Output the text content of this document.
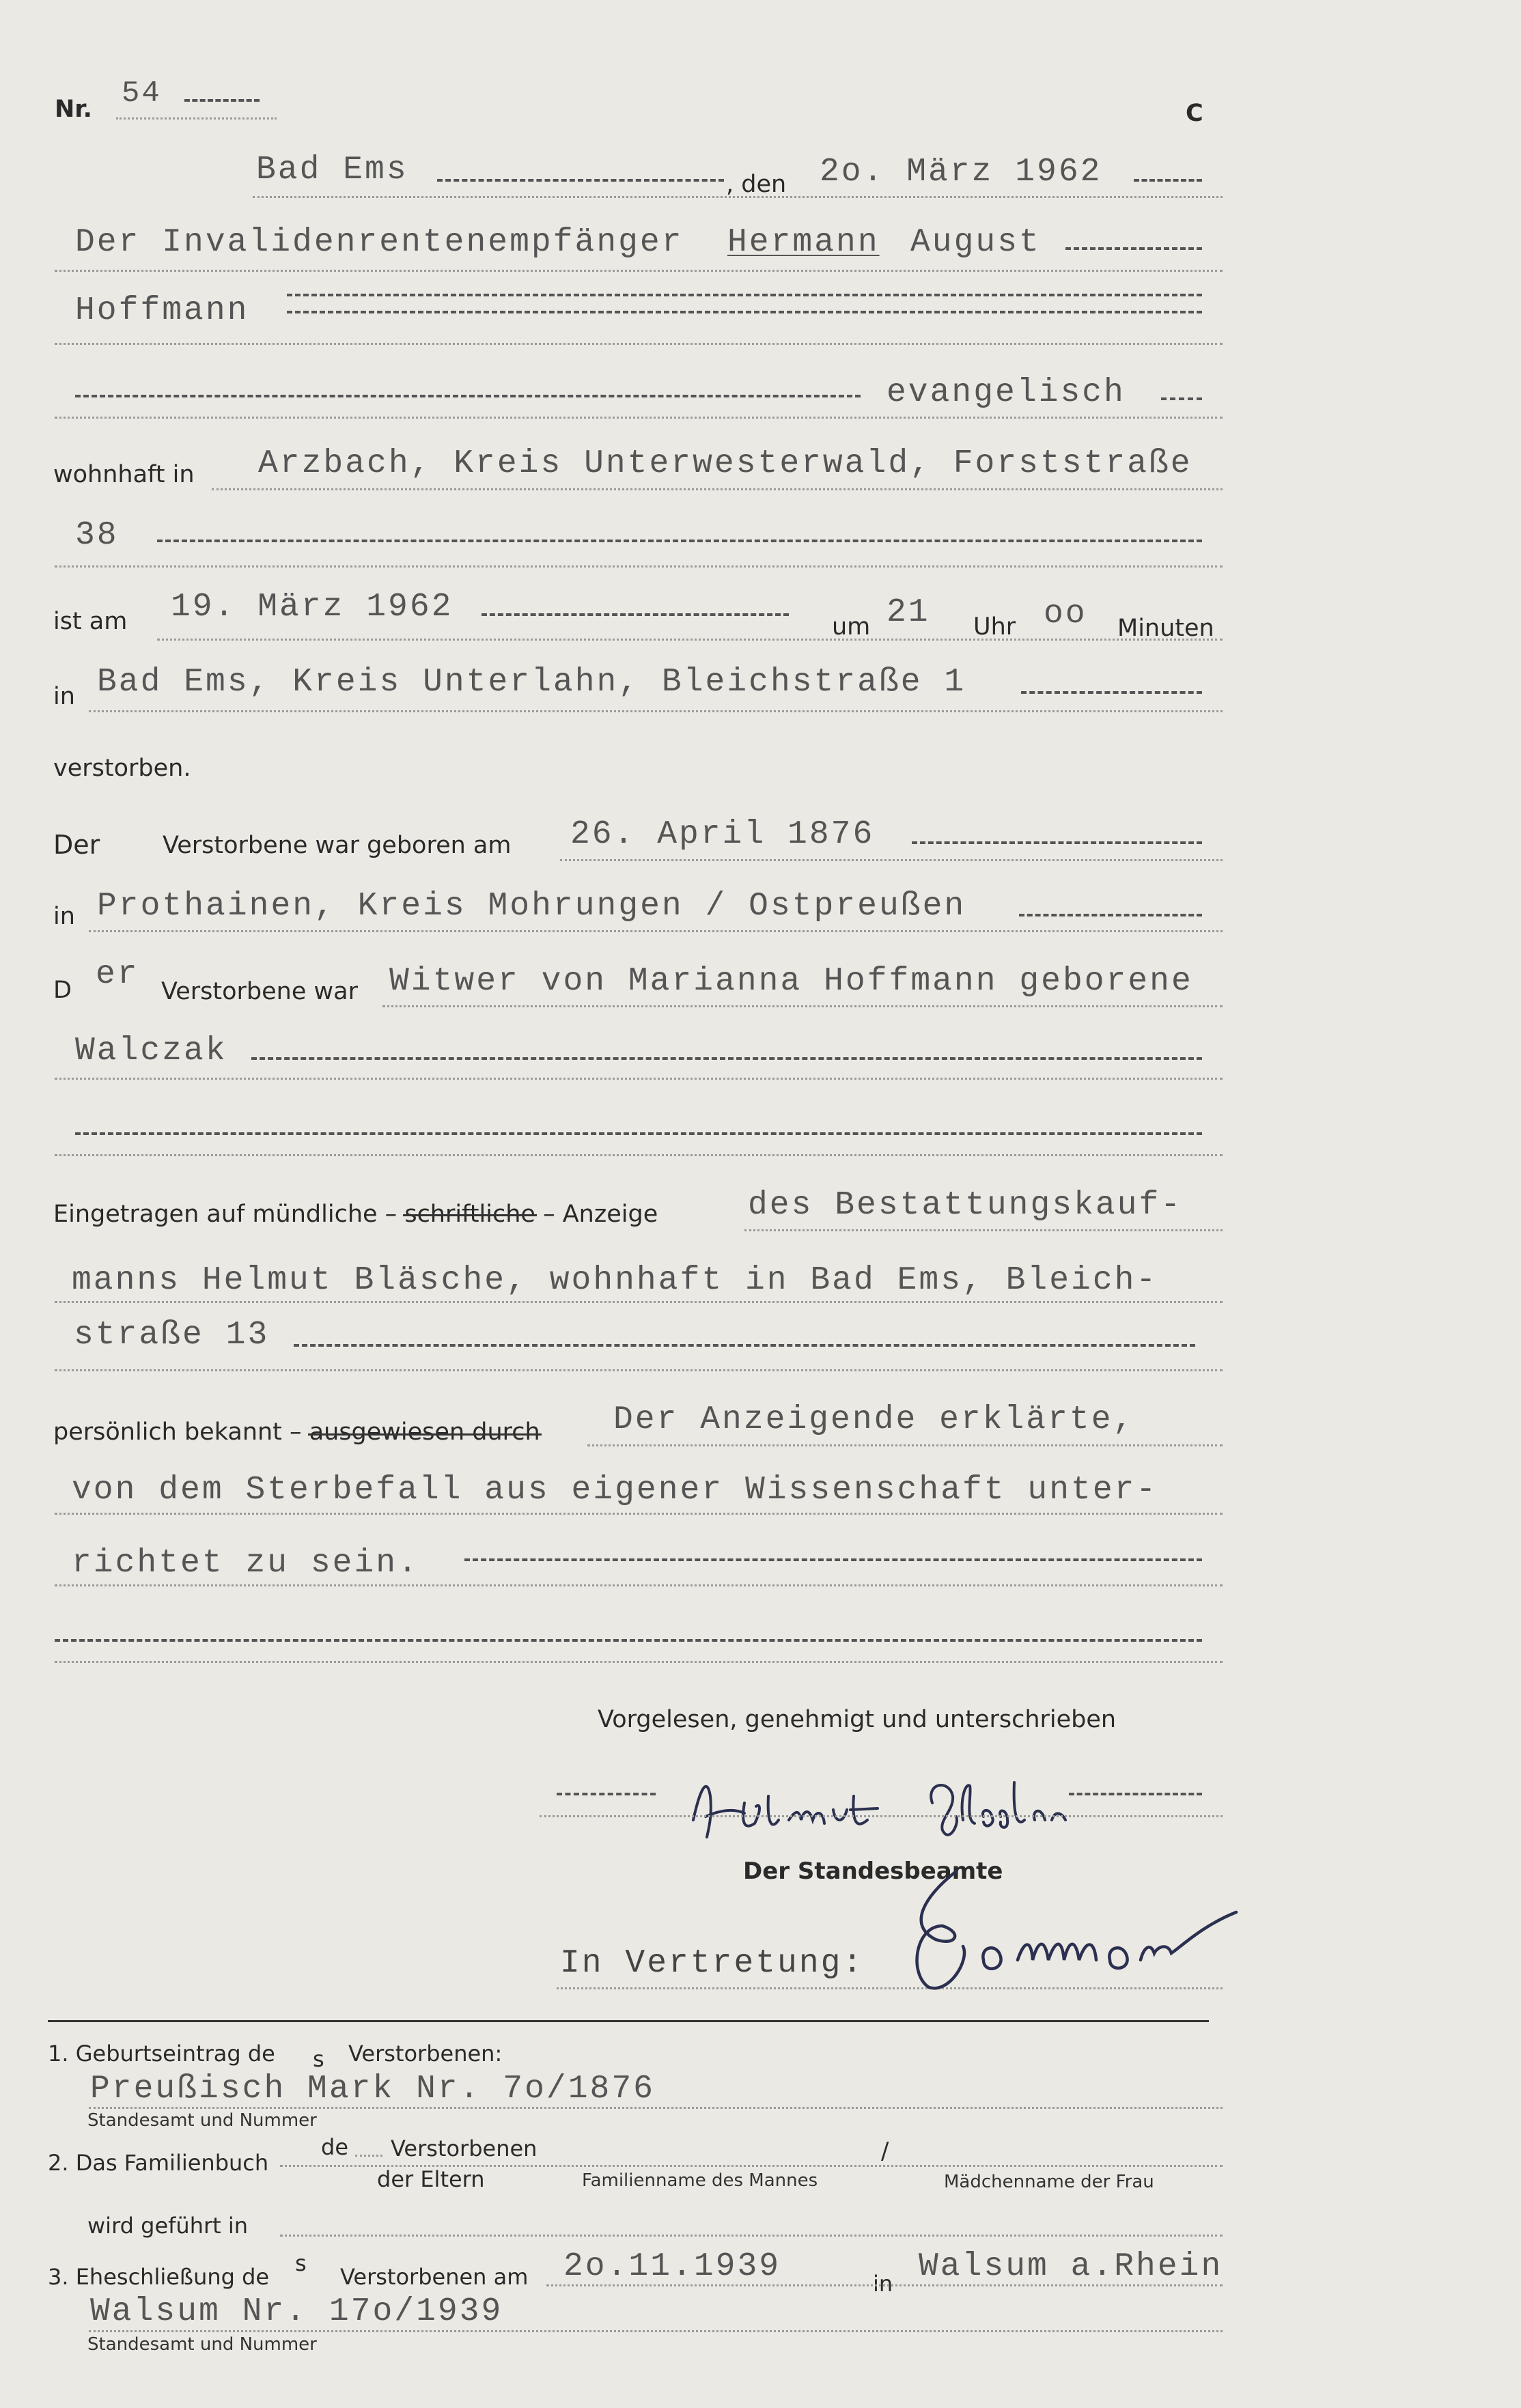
Nr. 54
C
Bad Ems	, den 2o. März 1962
Der Invalidenrentenempfänger Hermann August
Hoffmann
evangelisch
wohnhaft in Arzbach, Kreis Unterwesterwald, Forststraße
38
ist am 19. März 1962
um 21 Uhr oo Minuten
in Bad Ems, Kreis Unterlahn, Bleichstraße 1
verstorben.
Der	Verstorbene war geboren am 26. April 1876
in Prothainen, Kreis Mohrungen / Ostpreußen
D er Verstorbene war Witwer von Marianna Hoffmann geborene
Walczak
Eingetragen auf mündliche – schriftliche – Anzeige	des Bestattungskauf-
manns Helmut Bläsche, wohnhaft in Bad Ems, Bleich-
straße 13
persönlich bekannt – ausgewiesen durch Der Anzeigende erklärte,
von dem Sterbefall aus eigener Wissenschaft unter-
richtet zu sein.
Vorgelesen, genehmigt und unterschrieben
Der Standesbeamte
In Vertretung:
1. Geburtseintrag de s Verstorbenen:
Preußisch Mark Nr. 7o/1876
Standesamt und Nummer
2. Das Familienbuch
de Verstorbenen
der Eltern	Familienname des Mannes
/
Mädchenname der Frau
wird geführt in
3. Eheschließung de
s
Verstorbenen am 2o.11.1939	in Walsum a.Rhein
Walsum Nr. 17o/1939
Standesamt und Nummer
